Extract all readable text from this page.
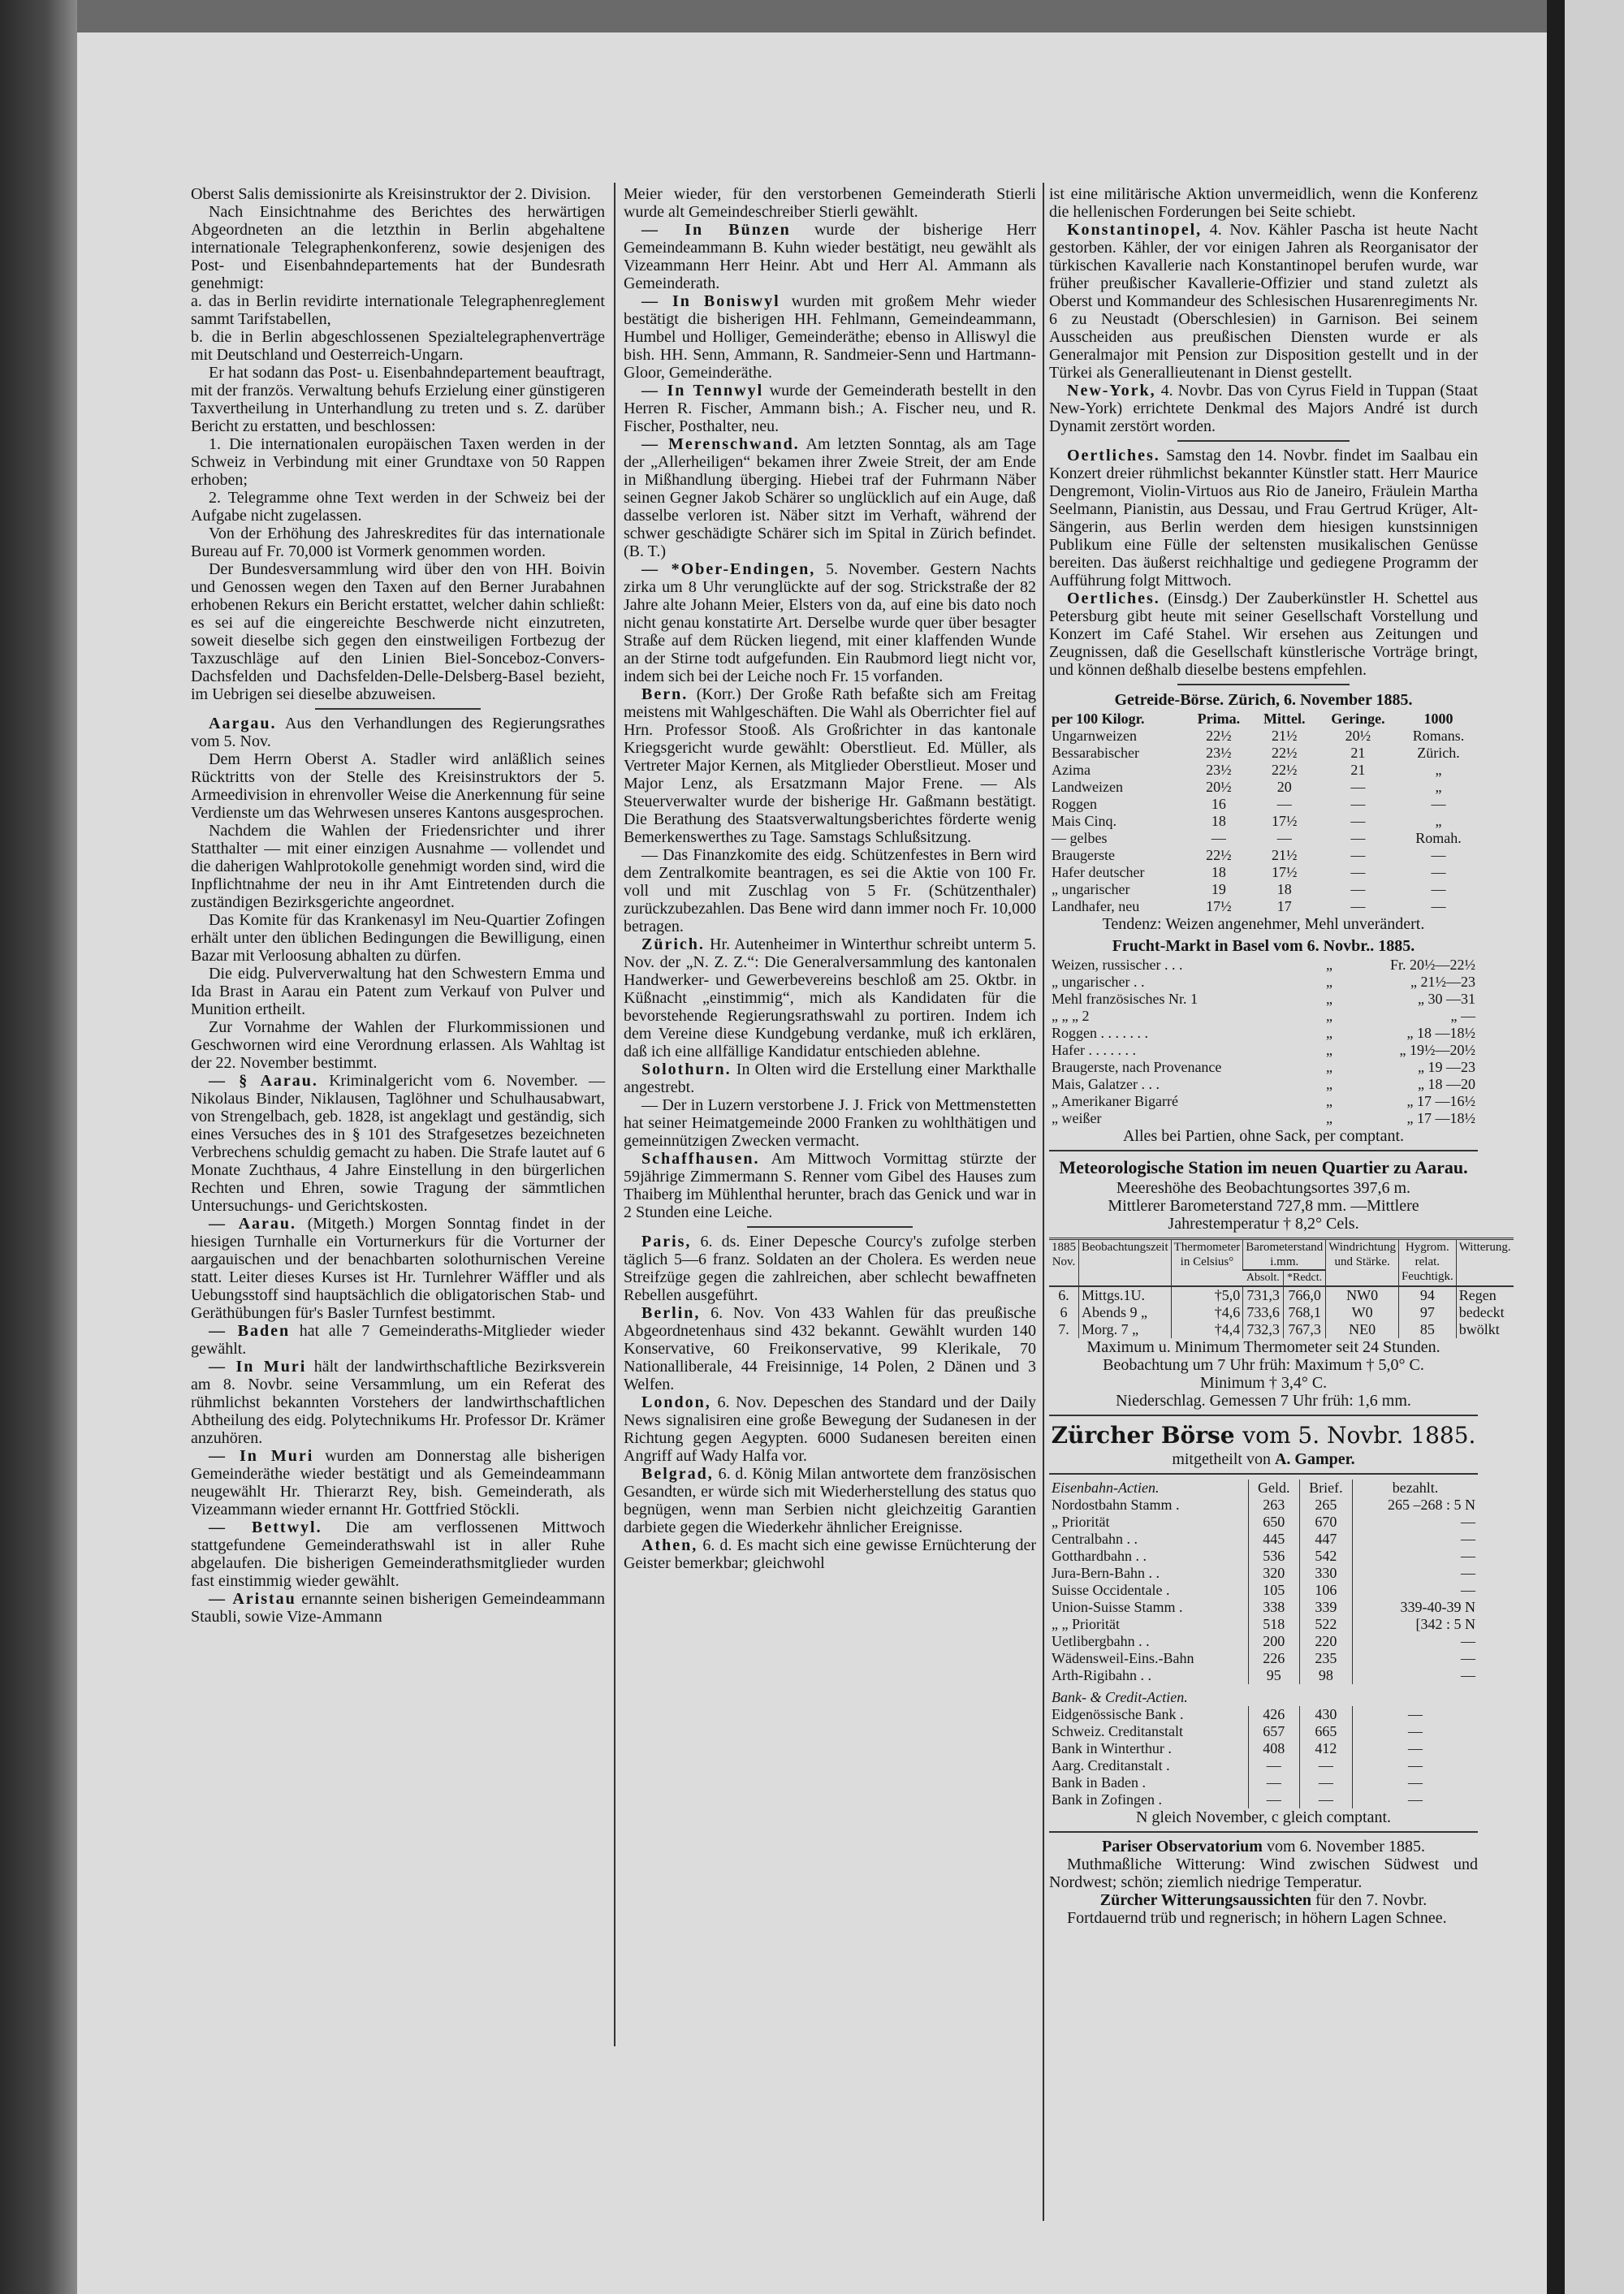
Oberst Salis demissionirte als Kreisinstruktor der 2. Division.

Nach Einsichtnahme des Berichtes des herwärtigen Abgeordneten an die letzthin in Berlin abgehaltene internationale Telegraphenkonferenz, sowie desjenigen des Post- und Eisenbahndepartements hat der Bundesrath genehmigt:

a. das in Berlin revidirte internationale Telegraphenreglement sammt Tarifstabellen,

b. die in Berlin abgeschlossenen Spezialtelegraphenverträge mit Deutschland und Oesterreich-Ungarn.

Er hat sodann das Post- u. Eisenbahndepartement beauftragt, mit der französ. Verwaltung behufs Erzielung einer günstigeren Taxvertheilung in Unterhandlung zu treten und s. Z. darüber Bericht zu erstatten, und beschlossen:

1. Die internationalen europäischen Taxen werden in der Schweiz in Verbindung mit einer Grundtaxe von 50 Rappen erhoben;

2. Telegramme ohne Text werden in der Schweiz bei der Aufgabe nicht zugelassen.

Von der Erhöhung des Jahreskredites für das internationale Bureau auf Fr. 70,000 ist Vormerk genommen worden.

Der Bundesversammlung wird über den von HH. Boivin und Genossen wegen den Taxen auf den Berner Jurabahnen erhobenen Rekurs ein Bericht erstattet, welcher dahin schließt: es sei auf die eingereichte Beschwerde nicht einzutreten, soweit dieselbe sich gegen den einstweiligen Fortbezug der Taxzuschläge auf den Linien Biel-Sonceboz-Convers-Dachsfelden und Dachsfelden-Delle-Delsberg-Basel bezieht, im Uebrigen sei dieselbe abzuweisen.

Aargau. Aus den Verhandlungen des Regierungsrathes vom 5. Nov.

Dem Herrn Oberst A. Stadler wird anläßlich seines Rücktritts von der Stelle des Kreisinstruktors der 5. Armeedivision in ehrenvoller Weise die Anerkennung für seine Verdienste um das Wehrwesen unseres Kantons ausgesprochen.

Nachdem die Wahlen der Friedensrichter und ihrer Statthalter — mit einer einzigen Ausnahme — vollendet und die daherigen Wahlprotokolle genehmigt worden sind, wird die Inpflichtnahme der neu in ihr Amt Eintretenden durch die zuständigen Bezirksgerichte angeordnet.

Das Komite für das Krankenasyl im Neu-Quartier Zofingen erhält unter den üblichen Bedingungen die Bewilligung, einen Bazar mit Verloosung abhalten zu dürfen.

Die eidg. Pulververwaltung hat den Schwestern Emma und Ida Brast in Aarau ein Patent zum Verkauf von Pulver und Munition ertheilt.

Zur Vornahme der Wahlen der Flurkommissionen und Geschwornen wird eine Verordnung erlassen. Als Wahltag ist der 22. November bestimmt.

— § Aarau. Kriminalgericht vom 6. November. — Nikolaus Binder, Niklausen, Taglöhner und Schulhausabwart, von Strengelbach, geb. 1828, ist angeklagt und geständig, sich eines Versuches des in § 101 des Strafgesetzes bezeichneten Verbrechens schuldig gemacht zu haben. Die Strafe lautet auf 6 Monate Zuchthaus, 4 Jahre Einstellung in den bürgerlichen Rechten und Ehren, sowie Tragung der sämmtlichen Untersuchungs- und Gerichtskosten.

— Aarau. (Mitgeth.) Morgen Sonntag findet in der hiesigen Turnhalle ein Vorturnerkurs für die Vorturner der aargauischen und der benachbarten solothurnischen Vereine statt. Leiter dieses Kurses ist Hr. Turnlehrer Wäffler und als Uebungsstoff sind hauptsächlich die obligatorischen Stab- und Geräthübungen für's Basler Turnfest bestimmt.

— Baden hat alle 7 Gemeinderaths-Mitglieder wieder gewählt.

— In Muri hält der landwirthschaftliche Bezirksverein am 8. Novbr. seine Versammlung, um ein Referat des rühmlichst bekannten Vorstehers der landwirthschaftlichen Abtheilung des eidg. Polytechnikums Hr. Professor Dr. Krämer anzuhören.

— In Muri wurden am Donnerstag alle bisherigen Gemeinderäthe wieder bestätigt und als Gemeindeammann neugewählt Hr. Thierarzt Rey, bish. Gemeinderath, als Vizeammann wieder ernannt Hr. Gottfried Stöckli.

— Bettwyl. Die am verflossenen Mittwoch stattgefundene Gemeinderathswahl ist in aller Ruhe abgelaufen. Die bisherigen Gemeinderathsmitglieder wurden fast einstimmig wieder gewählt.

— Aristau ernannte seinen bisherigen Gemeindeammann Staubli, sowie Vize-Ammann

Meier wieder, für den verstorbenen Gemeinderath Stierli wurde alt Gemeindeschreiber Stierli gewählt.

— In Bünzen wurde der bisherige Herr Gemeindeammann B. Kuhn wieder bestätigt, neu gewählt als Vizeammann Herr Heinr. Abt und Herr Al. Ammann als Gemeinderath.

— In Boniswyl wurden mit großem Mehr wieder bestätigt die bisherigen HH. Fehlmann, Gemeindeammann, Humbel und Holliger, Gemeinderäthe; ebenso in Alliswyl die bish. HH. Senn, Ammann, R. Sandmeier-Senn und Hartmann-Gloor, Gemeinderäthe.

— In Tennwyl wurde der Gemeinderath bestellt in den Herren R. Fischer, Ammann bish.; A. Fischer neu, und R. Fischer, Posthalter, neu.

— Merenschwand. Am letzten Sonntag, als am Tage der „Allerheiligen“ bekamen ihrer Zweie Streit, der am Ende in Mißhandlung überging. Hiebei traf der Fuhrmann Näber seinen Gegner Jakob Schärer so unglücklich auf ein Auge, daß dasselbe verloren ist. Näber sitzt im Verhaft, während der schwer geschädigte Schärer sich im Spital in Zürich befindet. (B. T.)

— *Ober-Endingen, 5. November. Gestern Nachts zirka um 8 Uhr verunglückte auf der sog. Strickstraße der 82 Jahre alte Johann Meier, Elsters von da, auf eine bis dato noch nicht genau konstatirte Art. Derselbe wurde quer über besagter Straße auf dem Rücken liegend, mit einer klaffenden Wunde an der Stirne todt aufgefunden. Ein Raubmord liegt nicht vor, indem sich bei der Leiche noch Fr. 15 vorfanden.

Bern. (Korr.) Der Große Rath befaßte sich am Freitag meistens mit Wahlgeschäften. Die Wahl als Oberrichter fiel auf Hrn. Professor Stooß. Als Großrichter in das kantonale Kriegsgericht wurde gewählt: Oberstlieut. Ed. Müller, als Vertreter Major Kernen, als Mitglieder Oberstlieut. Moser und Major Lenz, als Ersatzmann Major Frene. — Als Steuerverwalter wurde der bisherige Hr. Gaßmann bestätigt. Die Berathung des Staatsverwaltungsberichtes förderte wenig Bemerkenswerthes zu Tage. Samstags Schlußsitzung.

— Das Finanzkomite des eidg. Schützenfestes in Bern wird dem Zentralkomite beantragen, es sei die Aktie von 100 Fr. voll und mit Zuschlag von 5 Fr. (Schützenthaler) zurückzubezahlen. Das Bene wird dann immer noch Fr. 10,000 betragen.

Zürich. Hr. Autenheimer in Winterthur schreibt unterm 5. Nov. der „N. Z. Z.“: Die Generalversammlung des kantonalen Handwerker- und Gewerbevereins beschloß am 25. Oktbr. in Küßnacht „einstimmig“, mich als Kandidaten für die bevorstehende Regierungsrathswahl zu portiren. Indem ich dem Vereine diese Kundgebung verdanke, muß ich erklären, daß ich eine allfällige Kandidatur entschieden ablehne.

Solothurn. In Olten wird die Erstellung einer Markthalle angestrebt.

— Der in Luzern verstorbene J. J. Frick von Mettmenstetten hat seiner Heimatgemeinde 2000 Franken zu wohlthätigen und gemeinnützigen Zwecken vermacht.

Schaffhausen. Am Mittwoch Vormittag stürzte der 59jährige Zimmermann S. Renner vom Gibel des Hauses zum Thaiberg im Mühlenthal herunter, brach das Genick und war in 2 Stunden eine Leiche.

Paris, 6. ds. Einer Depesche Courcy's zufolge sterben täglich 5—6 franz. Soldaten an der Cholera. Es werden neue Streifzüge gegen die zahlreichen, aber schlecht bewaffneten Rebellen ausgeführt.

Berlin, 6. Nov. Von 433 Wahlen für das preußische Abgeordnetenhaus sind 432 bekannt. Gewählt wurden 140 Konservative, 60 Freikonservative, 99 Klerikale, 70 Nationalliberale, 44 Freisinnige, 14 Polen, 2 Dänen und 3 Welfen.

London, 6. Nov. Depeschen des Standard und der Daily News signalisiren eine große Bewegung der Sudanesen in der Richtung gegen Aegypten. 6000 Sudanesen bereiten einen Angriff auf Wady Halfa vor.

Belgrad, 6. d. König Milan antwortete dem französischen Gesandten, er würde sich mit Wiederherstellung des status quo begnügen, wenn man Serbien nicht gleichzeitig Garantien darbiete gegen die Wiederkehr ähnlicher Ereignisse.

Athen, 6. d. Es macht sich eine gewisse Ernüchterung der Geister bemerkbar; gleichwohl

ist eine militärische Aktion unvermeidlich, wenn die Konferenz die hellenischen Forderungen bei Seite schiebt.

Konstantinopel, 4. Nov. Kähler Pascha ist heute Nacht gestorben. Kähler, der vor einigen Jahren als Reorganisator der türkischen Kavallerie nach Konstantinopel berufen wurde, war früher preußischer Kavallerie-Offizier und stand zuletzt als Oberst und Kommandeur des Schlesischen Husarenregiments Nr. 6 zu Neustadt (Oberschlesien) in Garnison. Bei seinem Ausscheiden aus preußischen Diensten wurde er als Generalmajor mit Pension zur Disposition gestellt und in der Türkei als Generallieutenant in Dienst gestellt.

New-York, 4. Novbr. Das von Cyrus Field in Tuppan (Staat New-York) errichtete Denkmal des Majors André ist durch Dynamit zerstört worden.

Oertliches. Samstag den 14. Novbr. findet im Saalbau ein Konzert dreier rühmlichst bekannter Künstler statt. Herr Maurice Dengremont, Violin-Virtuos aus Rio de Janeiro, Fräulein Martha Seelmann, Pianistin, aus Dessau, und Frau Gertrud Krüger, Alt-Sängerin, aus Berlin werden dem hiesigen kunstsinnigen Publikum eine Fülle der seltensten musikalischen Genüsse bereiten. Das äußerst reichhaltige und gediegene Programm der Aufführung folgt Mittwoch.

Oertliches. (Einsdg.) Der Zauberkünstler H. Schettel aus Petersburg gibt heute mit seiner Gesellschaft Vorstellung und Konzert im Café Stahel. Wir ersehen aus Zeitungen und Zeugnissen, daß die Gesellschaft künstlerische Vorträge bringt, und können deßhalb dieselbe bestens empfehlen.

Getreide-Börse. Zürich, 6. November 1885.
per 100 Kilogr.	Prima.	Mittel.	Geringe.	1000
Ungarnweizen	22½	21½	20½	Romans.
Bessarabischer	23½	22½	21	Zürich.
Azima	23½	22½	21	„
Landweizen	20½	20	—	„
Roggen	16	—	—	—
Mais Cinq.	18	17½	—	„
— gelbes	—	—	—	Romah.
Braugerste	22½	21½	—	—
Hafer deutscher	18	17½	—	—
„ ungarischer	19	18	—	—
Landhafer, neu	17½	17	—	—
Tendenz: Weizen angenehmer, Mehl unverändert.
Frucht-Markt in Basel vom 6. Novbr.. 1885.
Weizen, russischer . . .	„	Fr. 20½—22½
„ ungarischer . .	„	„ 21½—23
Mehl französisches Nr. 1	„	„ 30 —31
„ „ „ 2	„	„ —
Roggen . . . . . . .	„	„ 18 —18½
Hafer . . . . . . .	„	„ 19½—20½
Braugerste, nach Provenance	„	„ 19 —23
Mais, Galatzer . . .	„	„ 18 —20
„ Amerikaner Bigarré	„	„ 17 —16½
„ weißer	„	„ 17 —18½
Alles bei Partien, ohne Sack, per comptant.
Meteorologische Station im neuen Quartier zu Aarau.
Meereshöhe des Beobachtungsortes 397,6 m.
Mittlerer Barometerstand 727,8 mm. —Mittlere
Jahrestemperatur † 8,2° Cels.
1885 Nov.	Beobachtungszeit	Thermometer in Celsius°	Barometerstand i.mm.		Windrichtung und Stärke.	Hygrom. relat. Feuchtigk.	Witterung.
			Absolt.	*Redct.			
6.	Mittgs.1U.	†5,0	731,3	766,0	NW0	94	Regen
6	Abends 9 „	†4,6	733,6	768,1	W0	97	bedeckt
7.	Morg. 7 „	†4,4	732,3	767,3	NE0	85	bwölkt
Maximum u. Minimum Thermometer seit 24 Stunden.
Beobachtung um 7 Uhr früh: Maximum † 5,0° C.
Minimum † 3,4° C.
Niederschlag. Gemessen 7 Uhr früh: 1,6 mm.
Zürcher Börse vom 5. Novbr. 1885.
mitgetheilt von A. Gamper.
Eisenbahn-Actien.	Geld.	Brief.	bezahlt.
Nordostbahn Stamm .	263	265	265 –268 : 5 N
„ Priorität	650	670	—
Centralbahn . .	445	447	—
Gotthardbahn . .	536	542	—
Jura-Bern-Bahn . .	320	330	—
Suisse Occidentale .	105	106	—
Union-Suisse Stamm .	338	339	339-40-39 N
„ „ Priorität	518	522	[342 : 5 N
Uetlibergbahn . .	200	220	—
Wädensweil-Eins.-Bahn	226	235	—
Arth-Rigibahn . .	95	98	—
Bank- & Credit-Actien.			
Eidgenössische Bank .	426	430	—
Schweiz. Creditanstalt	657	665	—
Bank in Winterthur .	408	412	—
Aarg. Creditanstalt .	—	—	—
Bank in Baden .	—	—	—
Bank in Zofingen .	—	—	—
N gleich November, c gleich comptant.
Pariser Observatorium vom 6. November 1885.

Muthmaßliche Witterung: Wind zwischen Südwest und Nordwest; schön; ziemlich niedrige Temperatur.

Zürcher Witterungsaussichten für den 7. Novbr.

Fortdauernd trüb und regnerisch; in höhern Lagen Schnee.
